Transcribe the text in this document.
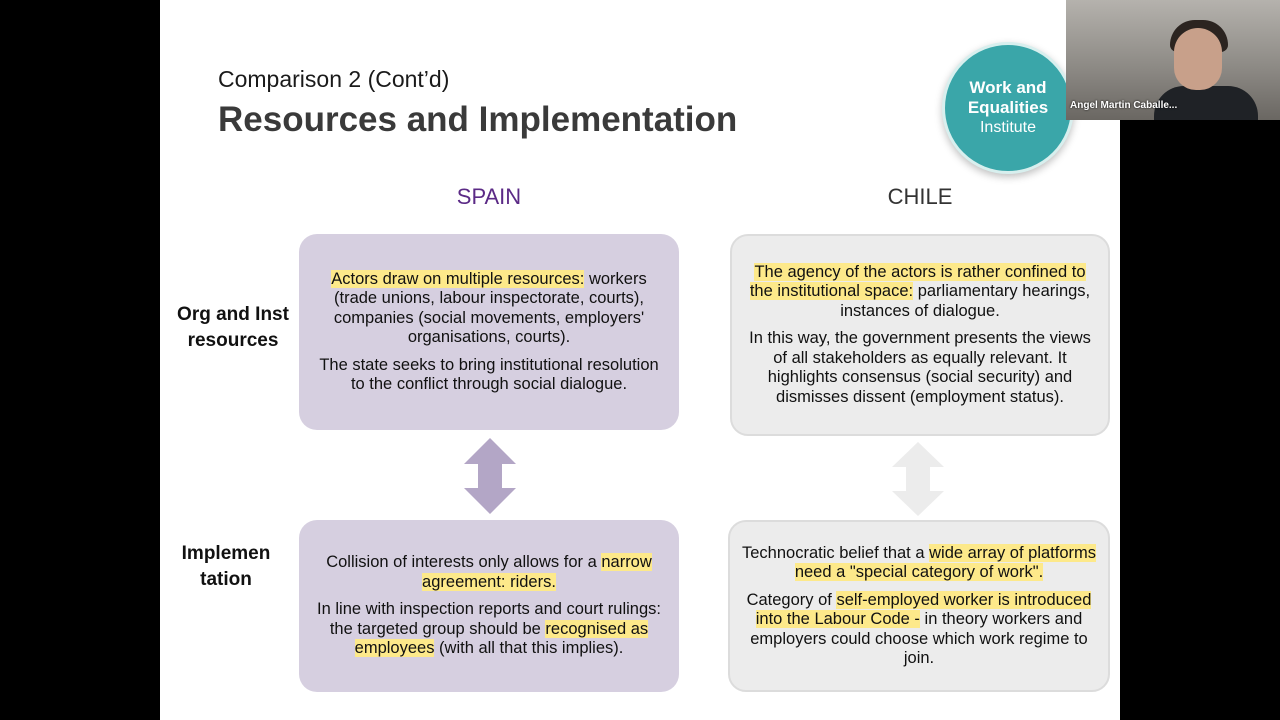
Comparison 2 (Cont’d)
Resources and Implementation
Work and
Equalities
Institute
SPAIN	CHILE
Org and Inst resources
Implemen tation

Actors draw on multiple resources: workers (trade unions, labour inspectorate, courts), companies (social movements, employers' organisations, courts).

The state seeks to bring institutional resolution to the conflict through social dialogue.

The agency of the actors is rather confined to the institutional space: parliamentary hearings, instances of dialogue.

In this way, the government presents the views of all stakeholders as equally relevant. It highlights consensus (social security) and dismisses dissent (employment status).

Collision of interests only allows for a narrow agreement: riders.

In line with inspection reports and court rulings: the targeted group should be recognised as employees (with all that this implies).

Technocratic belief that a wide array of platforms need a "special category of work".

Category of self-employed worker is introduced into the Labour Code - in theory workers and employers could choose which work regime to join.

Angel Martin Caballe...
